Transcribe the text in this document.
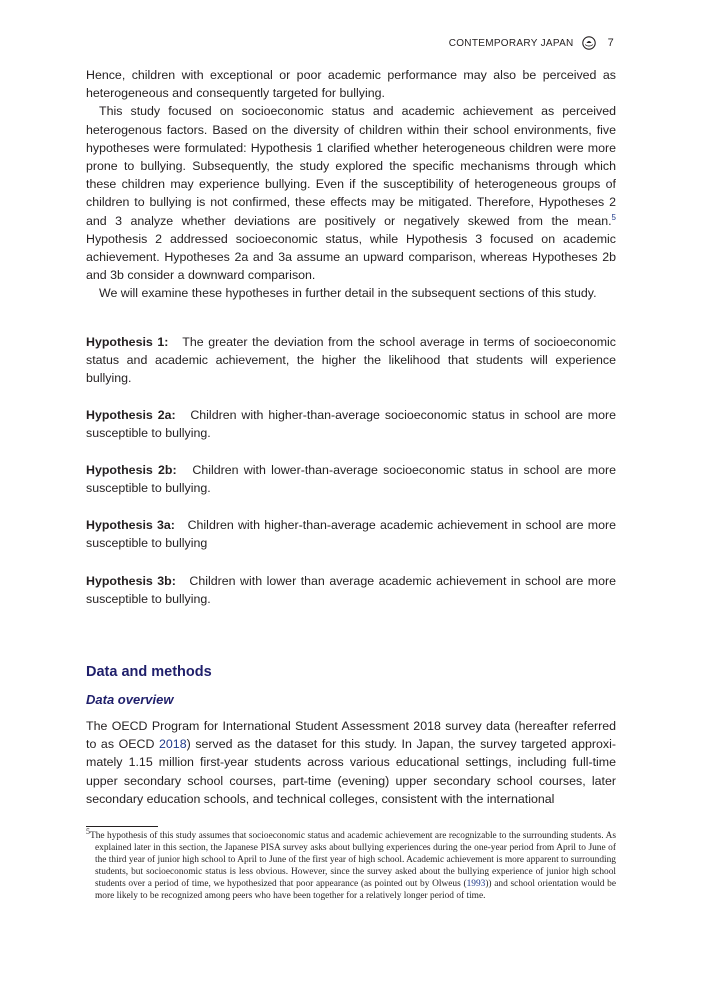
CONTEMPORARY JAPAN	7

Hence, children with exceptional or poor academic performance may also be perceived as heterogeneous and consequently targeted for bullying.

This study focused on socioeconomic status and academic achievement as perceived heterogenous factors. Based on the diversity of children within their school environments, five hypotheses were formulated: Hypothesis 1 clarified whether heterogeneous children were more prone to bullying. Subsequently, the study explored the specific mechanisms through which these children may experience bullying. Even if the susceptibility of heterogeneous groups of children to bullying is not confirmed, these effects may be mitigated. Therefore, Hypotheses 2 and 3 analyze whether deviations are positively or negatively skewed from the mean.$^5$ Hypothesis 2 addressed socioeconomic status, while Hypothesis 3 focused on academic achievement. Hypotheses 2a and 3a assume an upward comparison, whereas Hypotheses 2b and 3b consider a downward comparison.

We will examine these hypotheses in further detail in the subsequent sections of this study.

Hypothesis 1: The greater the deviation from the school average in terms of socioeconomic status and academic achievement, the higher the likelihood that students will experience bullying.

Hypothesis 2a: Children with higher-than-average socioeconomic status in school are more susceptible to bullying.

Hypothesis 2b: Children with lower-than-average socioeconomic status in school are more susceptible to bullying.

Hypothesis 3a: Children with higher-than-average academic achievement in school are more susceptible to bullying

Hypothesis 3b: Children with lower than average academic achievement in school are more susceptible to bullying.

Data and methods
Data overview

The OECD Program for International Student Assessment 2018 survey data (hereafter referred to as OECD 2018) served as the dataset for this study. In Japan, the survey targeted approximately 1.15 million first-year students across various educational settings, including full-time upper secondary school courses, part-time (evening) upper secondary school courses, later secondary education schools, and technical colleges, consistent with the international

$^5$The hypothesis of this study assumes that socioeconomic status and academic achievement are recognizable to the surrounding students. As explained later in this section, the Japanese PISA survey asks about bullying experiences during the one-year period from April to June of the third year of junior high school to April to June of the first year of high school. Academic achievement is more apparent to surrounding students, but socioeconomic status is less obvious. However, since the survey asked about the bullying experience of junior high school students over a period of time, we hypothesized that poor appearance (as pointed out by Olweus (1993)) and school orientation would be more likely to be recognized among peers who have been together for a relatively longer period of time.
